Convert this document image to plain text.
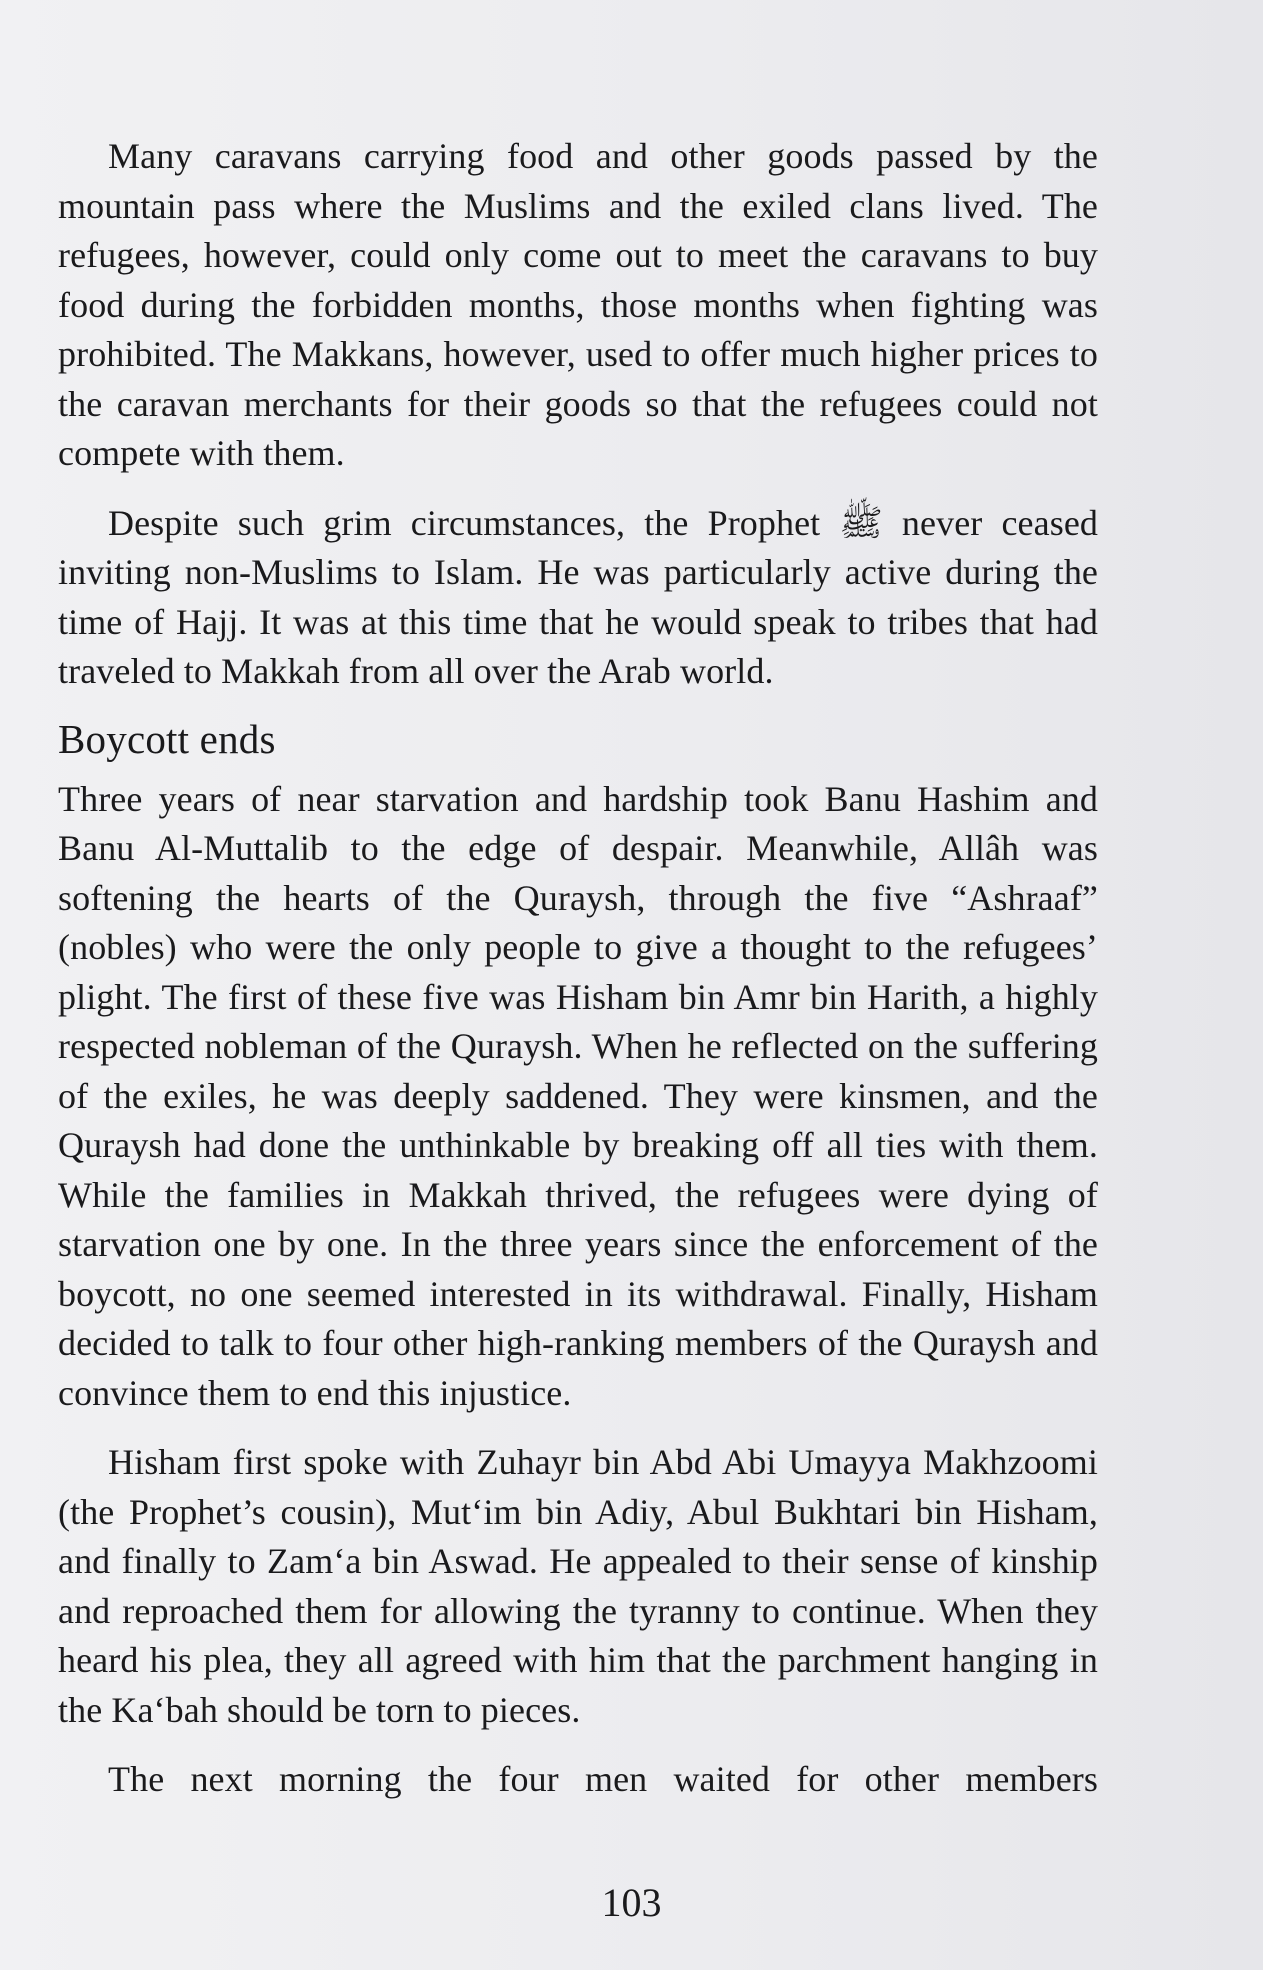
Many caravans carrying food and other goods passed by the mountain pass where the Muslims and the exiled clans lived. The refugees, however, could only come out to meet the caravans to buy food during the forbidden months, those months when fighting was prohibited. The Makkans, however, used to offer much higher prices to the caravan merchants for their goods so that the refugees could not compete with them.

Despite such grim circumstances, the Prophet ﷺ never ceased inviting non-Muslims to Islam. He was particularly active during the time of Hajj. It was at this time that he would speak to tribes that had traveled to Makkah from all over the Arab world.

Boycott ends

Three years of near starvation and hardship took Banu Hashim and Banu Al-Muttalib to the edge of despair. Meanwhile, Allâh was softening the hearts of the Quraysh, through the five “Ashraaf” (nobles) who were the only people to give a thought to the refugees’ plight. The first of these five was Hisham bin Amr bin Harith, a highly respected nobleman of the Quraysh. When he reflected on the suffering of the exiles, he was deeply saddened. They were kinsmen, and the Quraysh had done the unthinkable by breaking off all ties with them. While the families in Makkah thrived, the refugees were dying of starvation one by one. In the three years since the enforcement of the boycott, no one seemed interested in its withdrawal. Finally, Hisham decided to talk to four other high-ranking members of the Quraysh and convince them to end this injustice.

Hisham first spoke with Zuhayr bin Abd Abi Umayya Makhzoomi (the Prophet’s cousin), Mut‘im bin Adiy, Abul Bukhtari bin Hisham, and finally to Zam‘a bin Aswad. He appealed to their sense of kinship and reproached them for allowing the tyranny to continue. When they heard his plea, they all agreed with him that the parchment hanging in the Ka‘bah should be torn to pieces.

The next morning the four men waited for other members

103
